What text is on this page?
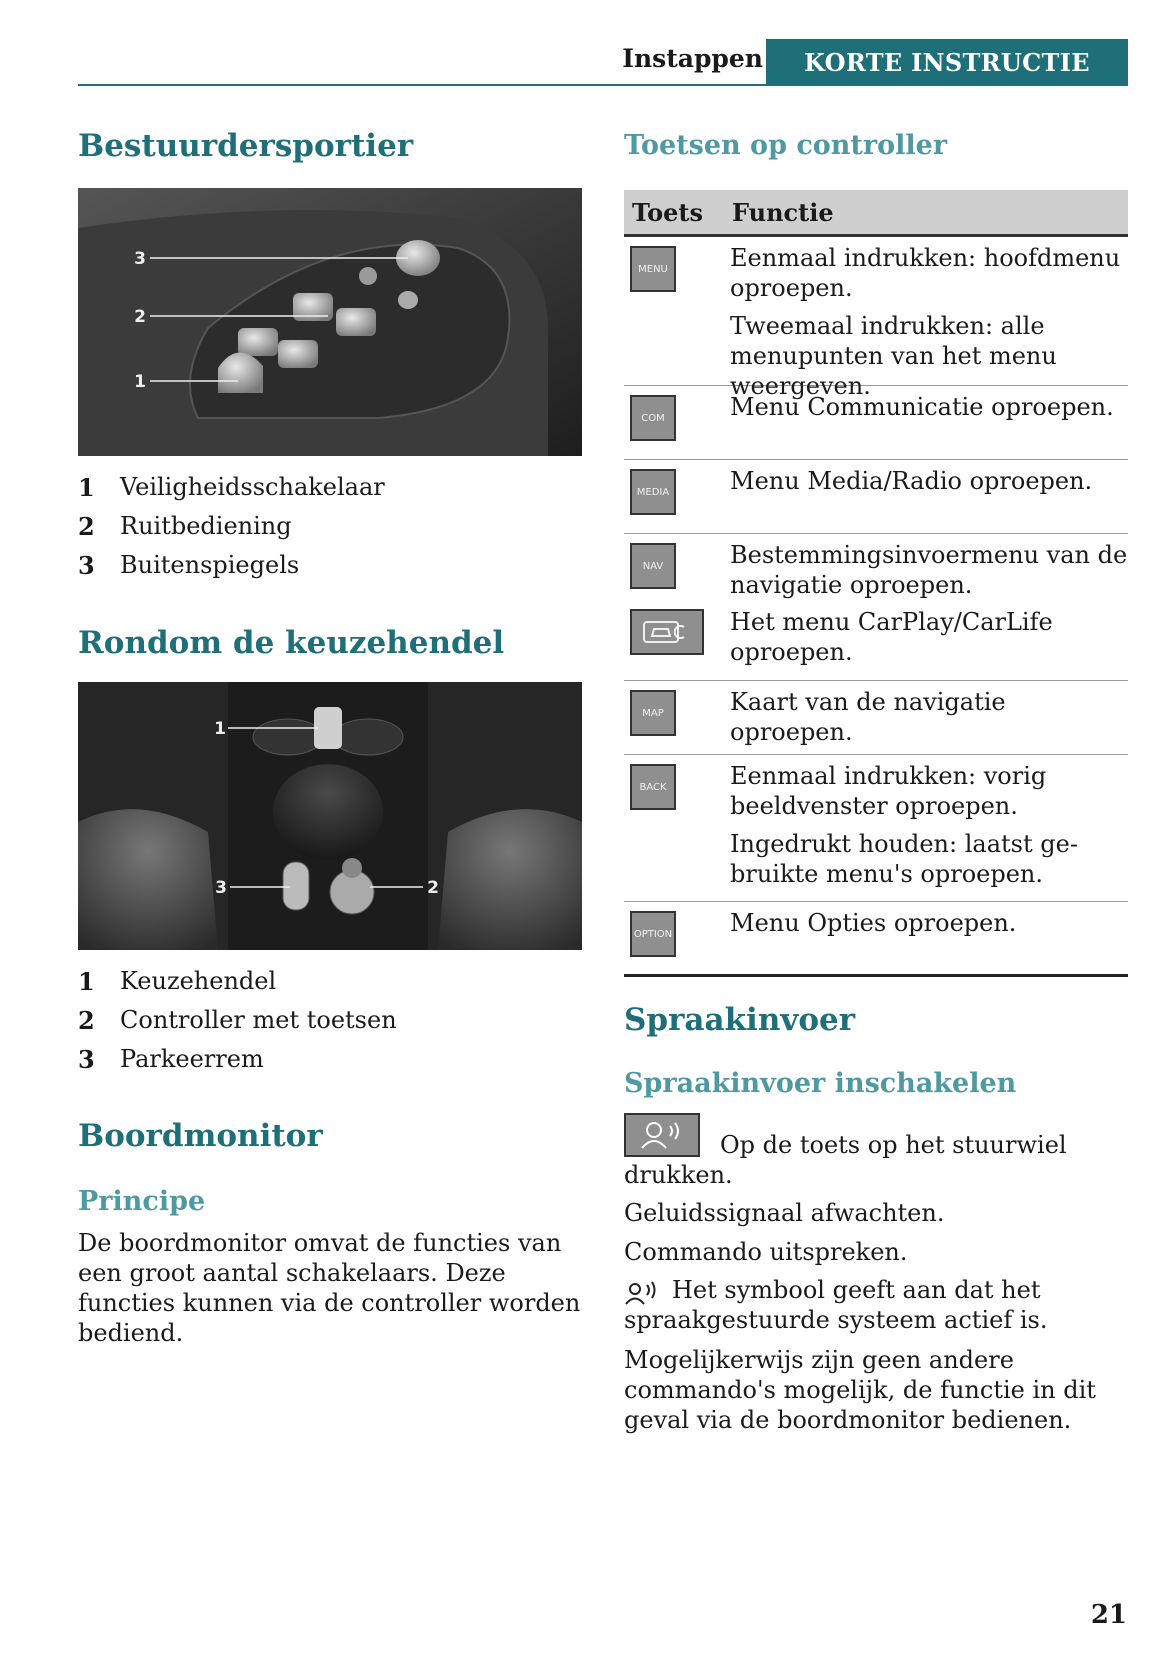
Instappen KORTE INSTRUCTIE
Bestuurdersportier
3
2
1
1	Veiligheidsschakelaar
2	Ruitbediening
3	Buitenspiegels
Rondom de keuzehendel
1
3	2
1	Keuzehendel
2	Controller met toetsen
3	Parkeerrem
Boordmonitor
Principe

De boordmonitor omvat de functies van een groot aantal schakelaars. Deze functies kunnen via de controller worden bediend.

Toetsen op controller
Toets	Functie
MENU	Eenmaal indrukken: hoofdmenu oproepen.
Tweemaal indrukken: alle menupunten van het menu weergeven.
COM	Menu Communicatie oproepen.
MEDIA	Menu Media/Radio oproepen.
NAV	Bestemmingsinvoermenu van de navigatie oproepen.
Het menu CarPlay/CarLife oproepen.
MAP	Kaart van de navigatie oproepen.
BACK	Eenmaal indrukken: vorig beeldvenster oproepen.
Ingedrukt houden: laatst gebruikte menu's oproepen.
OPTION Menu Opties oproepen.
Spraakinvoer
Spraakinvoer inschakelen

Op de toets op het stuurwiel drukken.

Geluidssignaal afwachten.

Commando uitspreken.

Het symbool geeft aan dat het spraakgestuurde systeem actief is.

Mogelijkerwijs zijn geen andere commando's mogelijk, de functie in dit geval via de boordmonitor bedienen.

21
